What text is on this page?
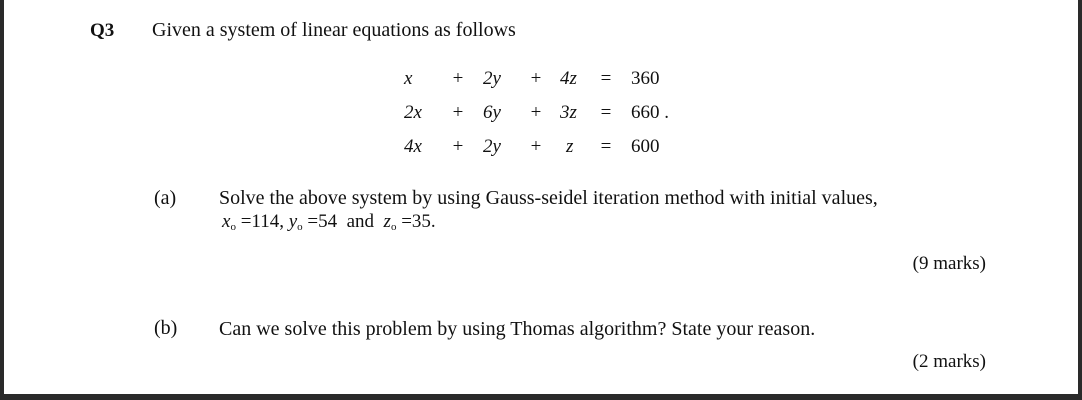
Q3 Given a system of linear equations as follows
x + 2y + 4z = 360
2x + 6y + 3z = 660 .
4x + 2y + z = 600
(a) Solve the above system by using Gauss-seidel iteration method with initial values,
$x_o =114$, $y_o =54$ and $z_o =35$.
(9 marks)
(b) Can we solve this problem by using Thomas algorithm? State your reason.
(2 marks)
